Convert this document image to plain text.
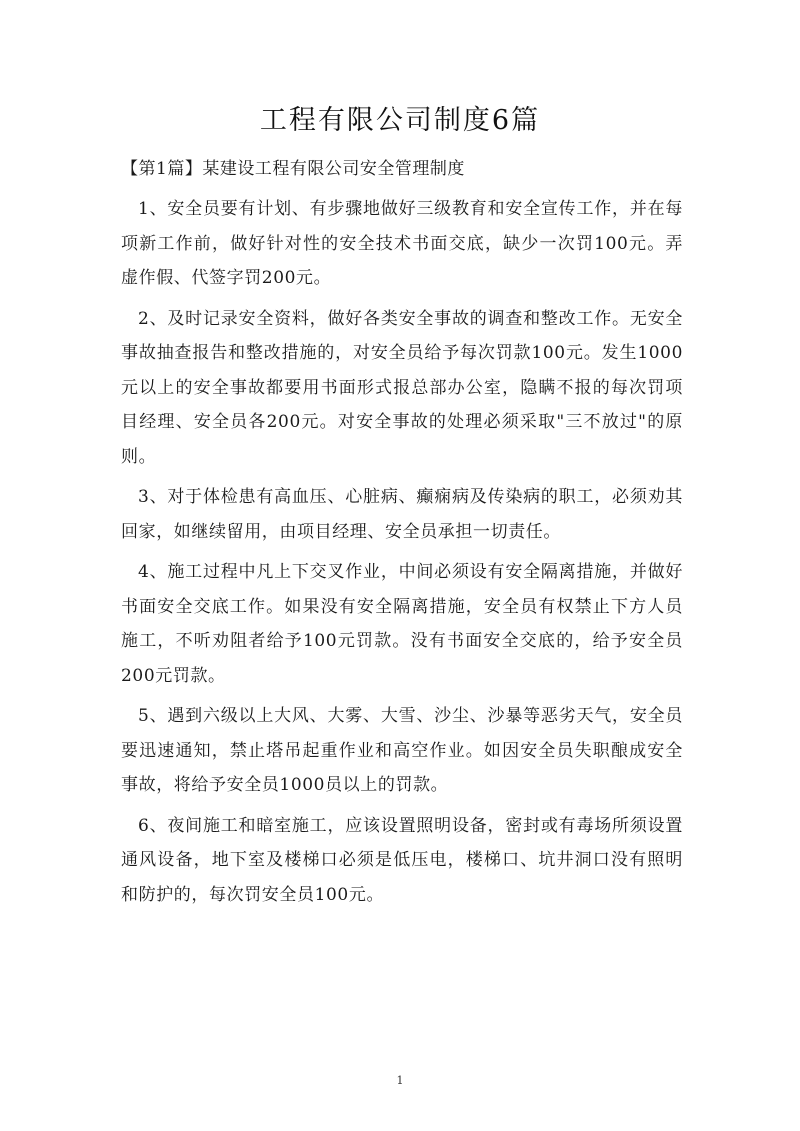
工程有限公司制度6篇

【第1篇】某建设工程有限公司安全管理制度

1、安全员要有计划、有步骤地做好三级教育和安全宣传工作，并在每项新工作前，做好针对性的安全技术书面交底，缺少一次罚100元。弄虚作假、代签字罚200元。

2、及时记录安全资料，做好各类安全事故的调查和整改工作。无安全事故抽查报告和整改措施的，对安全员给予每次罚款100元。发生1000元以上的安全事故都要用书面形式报总部办公室，隐瞒不报的每次罚项目经理、安全员各200元。对安全事故的处理必须采取"三不放过"的原则。

3、对于体检患有高血压、心脏病、癫痫病及传染病的职工，必须劝其回家，如继续留用，由项目经理、安全员承担一切责任。

4、施工过程中凡上下交叉作业，中间必须设有安全隔离措施，并做好书面安全交底工作。如果没有安全隔离措施，安全员有权禁止下方人员施工，不听劝阻者给予100元罚款。没有书面安全交底的，给予安全员200元罚款。

5、遇到六级以上大风、大雾、大雪、沙尘、沙暴等恶劣天气，安全员要迅速通知，禁止塔吊起重作业和高空作业。如因安全员失职酿成安全事故，将给予安全员1000员以上的罚款。

6、夜间施工和暗室施工，应该设置照明设备，密封或有毒场所须设置通风设备，地下室及楼梯口必须是低压电，楼梯口、坑井洞口没有照明和防护的，每次罚安全员100元。

1
